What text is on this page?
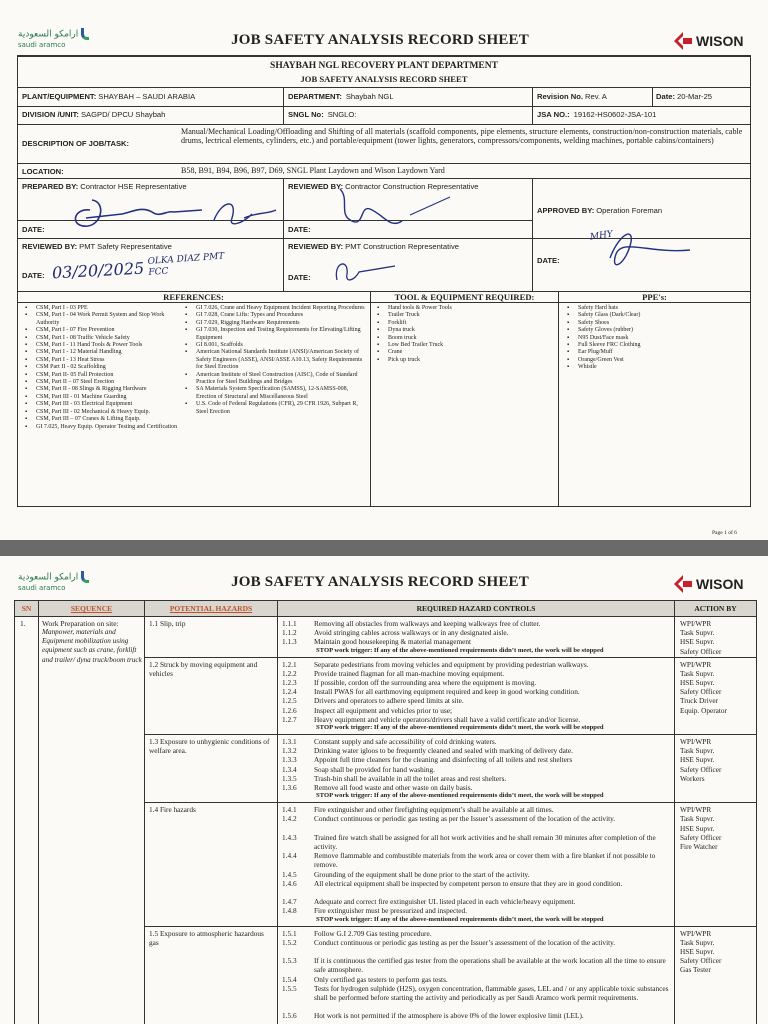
ارامكو السعودية
saudi aramco	JOB SAFETY ANALYSIS RECORD SHEET	WISON
SHAYBAH NGL RECOVERY PLANT DEPARTMENT
JOB SAFETY ANALYSIS RECORD SHEET
PLANT/EQUIPMENT: SHAYBAH – SAUDI ARABIA	DEPARTMENT: Shaybah NGL	Revision No. Rev. A	Date: 20-Mar-25
DIVISION /UNIT: SAGPD/ DPCU Shaybah	SNGL No: SNGLO:	JSA NO.: 19162-HS0602-JSA-101
DESCRIPTION OF JOB/TASK:
Manual/Mechanical Loading/Offloading and Shifting of all materials (scaffold components, pipe elements, structure elements, construction/non-construction materials, cable drums, lectrical elements, cylinders, etc.) and portable/equipment (tower lights, generators, compressors/components, welding machines, portable cabins/containers)
LOCATION:	B58, B91, B94, B96, B97, D69, SNGL Plant Laydown and Wison Laydown Yard
PREPARED BY: Contractor HSE Representative	REVIEWED BY: Contractor Construction Representative
APPROVED BY: Operation Foreman
DATE:	DATE:
DATE:
REVIEWED BY: PMT Safety Representative	REVIEWED BY: PMT Construction Representative
DATE:	DATE:
03/20/2025
MHY
OLKA DIAZ PMT FCC
REFERENCES:	TOOL & EQUIPMENT REQUIRED:	PPE's:
▪ CSM, Part I - 03 PPE
▪ CSM, Part I - 04 Work Permit System and Stop Work Authority
▪ CSM, Part I - 07 Fire Prevention
▪ CSM, Part I - 08 Traffic Vehicle Safety
▪ CSM, Part I - 11 Hand Tools & Power Tools
▪ CSM, Part I - 12 Material Handling
▪ CSM, Part I - 13 Heat Stress
▪ CSM Part II - 02 Scaffolding
▪ CSM, Part II- 05 Fall Protection
▪ CSM, Part II – 07 Steel Erection
▪ CSM, Part II - 08 Slings & Rigging Hardware
▪ CSM, Part III - 01 Machine Guarding
▪ CSM, Part III - 03 Electrical Equipment
▪ CSM, Part III - 02 Mechanical & Heavy Equip.
▪ CSM, Part III – 07 Cranes & Lifting Equip.
▪ GI 7.025, Heavy Equip. Operator Testing and Certification
▪ GI 7.026, Crane and Heavy Equipment Incident Reporting Procedures
▪ GI 7.028, Crane Lifts: Types and Procedures
▪ GI 7.029, Rigging Hardware Requirements
▪ GI 7.030, Inspection and Testing Requirements for Elevating/Lifting Equipment
▪ GI 8.001, Scaffolds
▪ American National Standards Institute (ANSI)/American Society of Safety Engineers (ASSE), ANSI/ASSE A10.13, Safety Requirements for Steel Erection
▪ American Institute of Steel Construction (AISC), Code of Standard Practice for Steel Buildings and Bridges
▪ SA Materials System Specification (SAMSS), 12-SAMSS-008, Erection of Structural and Miscellaneous Steel
▪ U.S. Code of Federal Regulations (CFR), 29 CFR 1926, Subpart R, Steel Erection
▪ Hand tools & Power Tools
▪ Trailer Truck
▪ Forklift
▪ Dyna truck
▪ Boom truck
▪ Low Bed Trailer Truck
▪ Crane
▪ Pick up truck
▪ Safety Hard hats
▪ Safety Glass (Dark/Clear)
▪ Safety Shoes
▪ Safety Gloves (rubber)
▪ N95 Dust/Face mask
▪ Full Sleeve FRC Clothing
▪ Ear Plug/Muff
▪ Orange/Green Vest
▪ Whistle
Page 1 of 6
ارامكو السعودية
saudi aramco	JOB SAFETY ANALYSIS RECORD SHEET	WISON
SN	SEQUENCE	POTENTIAL HAZARDS	REQUIRED HAZARD CONTROLS	ACTION BY
1. Work Preparation on site:
Manpower, materials and Equipment mobilization using equipment such as crane, forklift and trailer/ dyna truck/boom truck
1.1 Slip, trip	WPI/WPR
Task Supvr.
HSE Supvr.
Safety Officer
1.1.1	Removing all obstacles from walkways and keeping walkways free of clutter.
1.1.2	Avoid stringing cables across walkways or in any designated aisle.
1.1.3	Maintain good housekeeping & material management
STOP work trigger: If any of the above-mentioned requirements didn’t meet, the work will be stopped
1.2 Struck by moving equipment and vehicles
WPI/WPR
Task Supvr.
HSE Supvr.
Safety Officer
Truck Driver
Equip. Operator
1.2.1	Separate pedestrians from moving vehicles and equipment by providing pedestrian walkways.
1.2.2	Provide trained flagman for all man-machine moving equipment.
1.2.3	If possible, cordon off the surrounding area where the equipment is moving.
1.2.4	Install PWAS for all earthmoving equipment required and keep in good working condition.
1.2.5	Drivers and operators to adhere speed limits at site.
1.2.6	Inspect all equipment and vehicles prior to use;
1.2.7	Heavy equipment and vehicle operators/drivers shall have a valid certificate and/or license.
STOP work trigger: If any of the above-mentioned requirements didn’t meet, the work will be stopped
1.3 Exposure to unhygienic conditions of welfare area.
WPI/WPR
Task Supvr.
HSE Supvr.
Safety Officer
Workers
1.3.1	Constant supply and safe accessibility of cold drinking waters.
1.3.2	Drinking water igloos to be frequently cleaned and sealed with marking of delivery date.
1.3.3	Appoint full time cleaners for the cleaning and disinfecting of all toilets and rest shelters
1.3.4	Soap shall be provided for hand washing.
1.3.5	Trash-bin shall be available in all the toilet areas and rest shelters.
1.3.6	Remove all food waste and other waste on daily basis.
STOP work trigger: If any of the above-mentioned requirements didn’t meet, the work will be stopped
1.4 Fire hazards	WPI/WPR
Task Supvr.
HSE Supvr.
Safety Officer
Fire Watcher
1.4.1	Fire extinguisher and other firefighting equipment’s shall be available at all times.
1.4.2	Conduct continuous or periodic gas testing as per the Issuer’s assessment of the location of the activity.
1.4.3	Trained fire watch shall be assigned for all hot work activities and he shall remain 30 minutes after completion of the activity.
1.4.4	Remove flammable and combustible materials from the work area or cover them with a fire blanket if not possible to remove.
1.4.5	Grounding of the equipment shall be done prior to the start of the activity.
1.4.6	All electrical equipment shall be inspected by competent person to ensure that they are in good condition.
1.4.7	Adequate and correct fire extinguisher UL listed placed in each vehicle/heavy equipment.
1.4.8	Fire extinguisher must be pressurized and inspected.
STOP work trigger: If any of the above-mentioned requirements didn’t meet, the work will be stopped
1.5 Exposure to atmospheric hazardous gas
WPI/WPR
Task Supvr.
HSE Supvr.
Safety Officer
Gas Tester
1.5.1	Follow G.I 2.709 Gas testing procedure.
1.5.2	Conduct continuous or periodic gas testing as per the Issuer’s assessment of the location of the activity.
1.5.3	If it is continuous the certified gas tester from the operations shall be available at the work location all the time to ensure safe atmosphere.
1.5.4	Only certified gas testers to perform gas tests.
1.5.5	Tests for hydrogen sulphide (H2S), oxygen concentration, flammable gases, LEL and / or any applicable toxic substances shall be performed before starting the activity and periodically as per Saudi Aramco work permit requirements.
1.5.6	Hot work is not permitted if the atmosphere is above 0% of the lower explosive limit (LEL).
